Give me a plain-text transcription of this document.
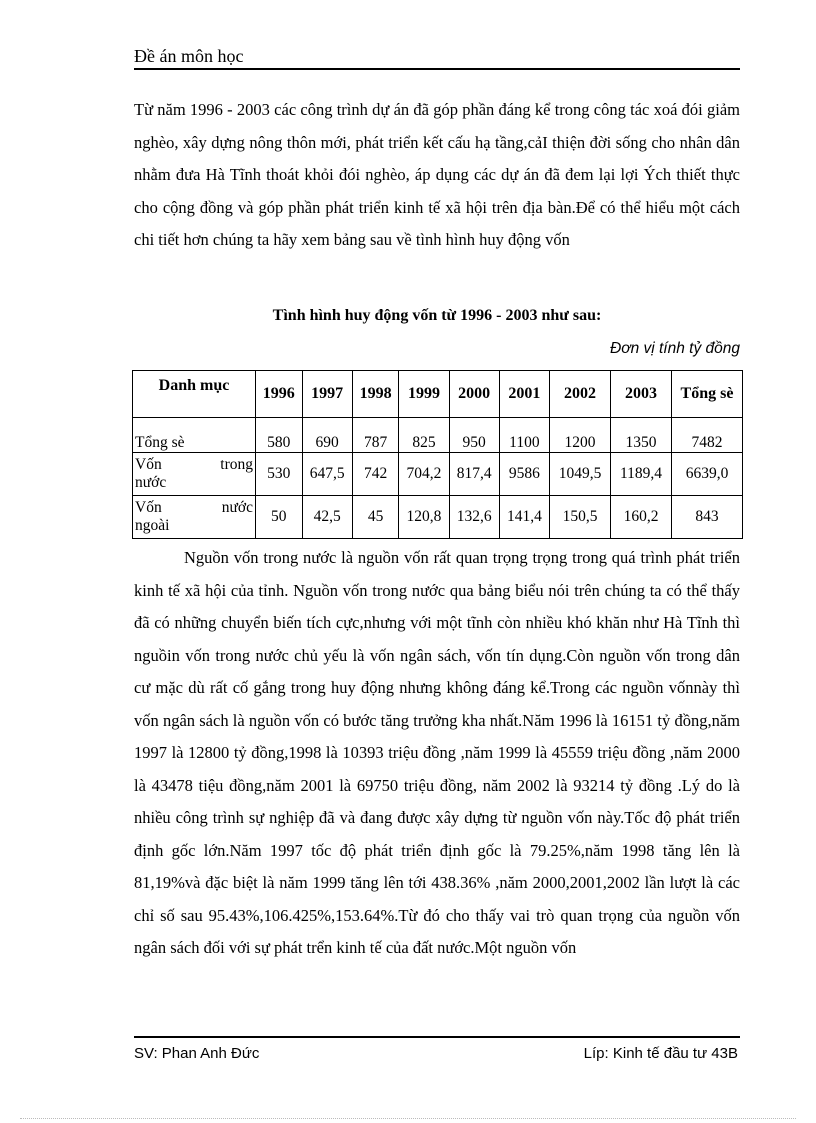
Đề án môn học

Từ năm 1996 - 2003 các công trình dự án đã góp phần đáng kể trong công tác xoá đói giảm nghèo, xây dựng nông thôn mới, phát triển kết cấu hạ tầng,cảI thiện đời sống cho nhân dân nhằm đưa Hà Tĩnh thoát khỏi đói nghèo, áp dụng các dự án đã đem lại lợi Ých thiết thực cho cộng đồng và góp phần phát triển kinh tế xã hội trên địa bàn.Để có thể hiểu một cách chi tiết hơn chúng ta hãy xem bảng sau về tình hình huy động vốn

Tình hình huy động vốn từ 1996 - 2003 như sau:
Đơn vị tính tỷ đồng
Danh mục	1996	1997	1998	1999	2000	2001	2002	2003	Tổng sè
Tổng sè	580	690	787	825	950	1100	1200	1350	7482

Vốn trong
nước	530	647,5	742	704,2	817,4	9586	1049,5	1189,4	6639,0

Vốn nước
ngoài	50	42,5	45	120,8	132,6	141,4	150,5	160,2	843

Nguồn vốn trong nước là nguồn vốn rất quan trọng trọng trong quá trình phát triển kinh tế xã hội của tỉnh. Nguồn vốn trong nước qua bảng biểu nói trên chúng ta có thể thấy đã có những chuyển biến tích cực,nhưng với một tĩnh còn nhiều khó khăn như Hà Tĩnh thì nguồin vốn trong nước chủ yếu là vốn ngân sách, vốn tín dụng.Còn nguồn vốn trong dân cư mặc dù rất cố gắng trong huy động nhưng không đáng kể.Trong các nguồn vốnnày thì vốn ngân sách là nguồn vốn có bước tăng trưởng kha nhất.Năm 1996 là 16151 tỷ đồng,năm 1997 là 12800 tỷ đồng,1998 là 10393 triệu đồng ,năm 1999 là 45559 triệu đồng ,năm 2000 là 43478 tiệu đồng,năm 2001 là 69750 triệu đồng, năm 2002 là 93214 tỷ đồng .Lý do là nhiều công trình sự nghiệp đã và đang được xây dựng từ nguồn vốn này.Tốc độ phát triển định gốc lớn.Năm 1997 tốc độ phát triển định gốc là 79.25%,năm 1998 tăng lên là 81,19%và đặc biệt là năm 1999 tăng lên tới 438.36% ,năm 2000,2001,2002 lần lượt là các chỉ số sau 95.43%,106.425%,153.64%.Từ đó cho thấy vai trò quan trọng của nguồn vốn ngân sách đối với sự phát trển kinh tế của đất nước.Một nguồn vốn

SV: Phan Anh Đức	Líp: Kinh tế đầu tư 43B
